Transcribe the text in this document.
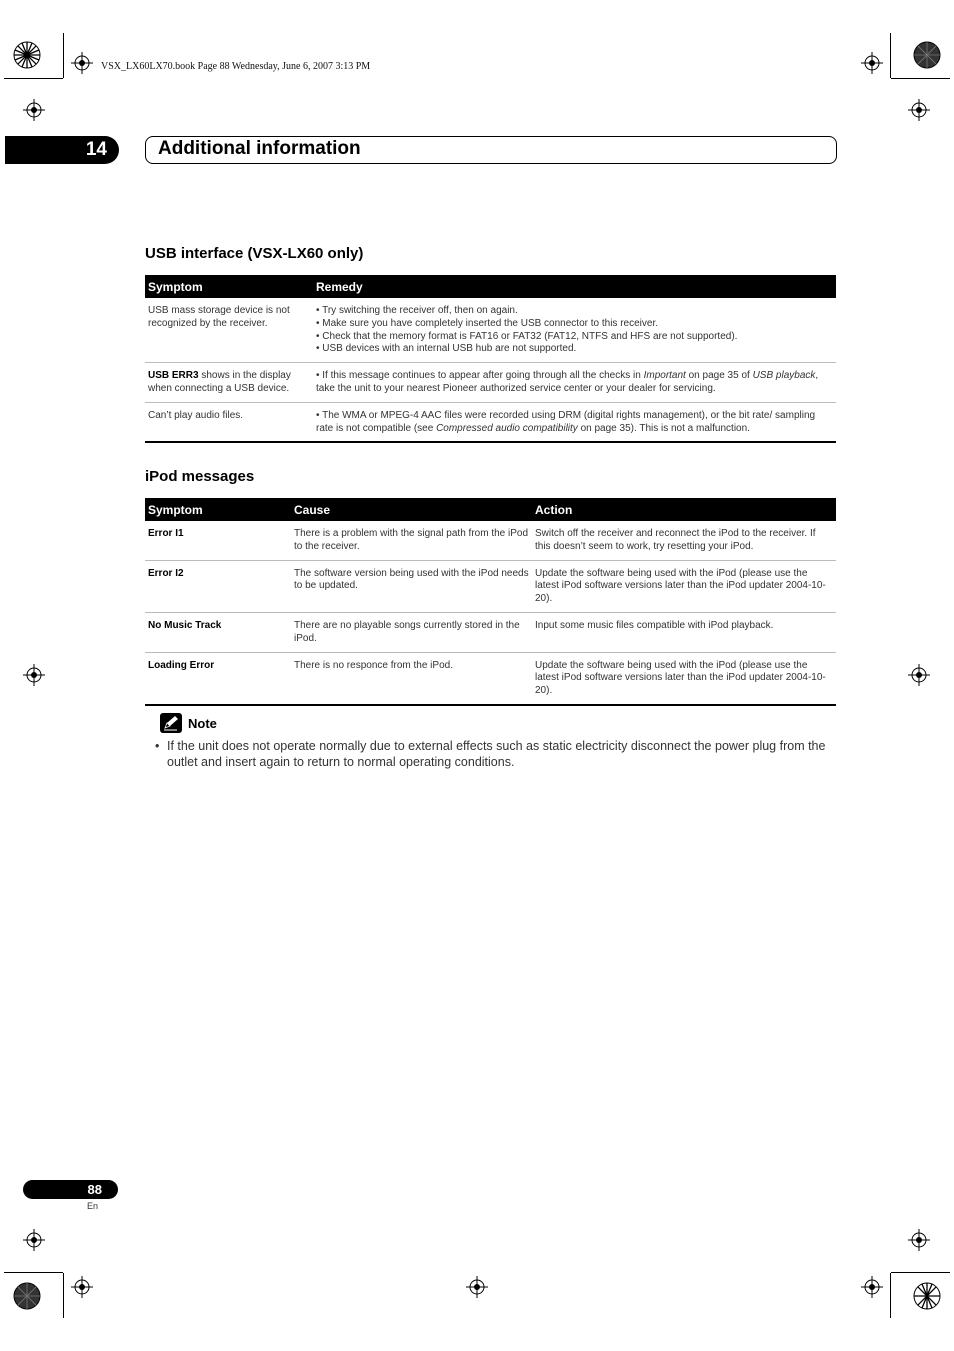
VSX_LX60LX70.book Page 88 Wednesday, June 6, 2007 3:13 PM
14	Additional information
USB interface (VSX-LX60 only)
Symptom	Remedy
USB mass storage device is not recognized by the receiver.	• Try switching the receiver off, then on again.
• Make sure you have completely inserted the USB connector to this receiver.
• Check that the memory format is FAT16 or FAT32 (FAT12, NTFS and HFS are not supported).
• USB devices with an internal USB hub are not supported.

USB ERR3 shows in the display when connecting a USB device.	• If this message continues to appear after going through all the checks in Important on page 35 of USB playback, take the unit to your nearest Pioneer authorized service center or your dealer for servicing.
Can’t play audio files.	• The WMA or MPEG-4 AAC files were recorded using DRM (digital rights management), or the bit rate/ sampling rate is not compatible (see Compressed audio compatibility on page 35). This is not a malfunction.
iPod messages
Symptom	Cause	Action
Error I1	There is a problem with the signal path from the iPod to the receiver.	Switch off the receiver and reconnect the iPod to the receiver. If this doesn’t seem to work, try resetting your iPod.
Error I2	The software version being used with the iPod needs to be updated.	Update the software being used with the iPod (please use the latest iPod software versions later than the iPod updater 2004-10-20).
No Music Track	There are no playable songs currently stored in the iPod.	Input some music files compatible with iPod playback.
Loading Error	There is no responce from the iPod.	Update the software being used with the iPod (please use the latest iPod software versions later than the iPod updater 2004-10-20).
Note
• If the unit does not operate normally due to external effects such as static electricity disconnect the power plug from the outlet and insert again to return to normal operating conditions.
88
En
